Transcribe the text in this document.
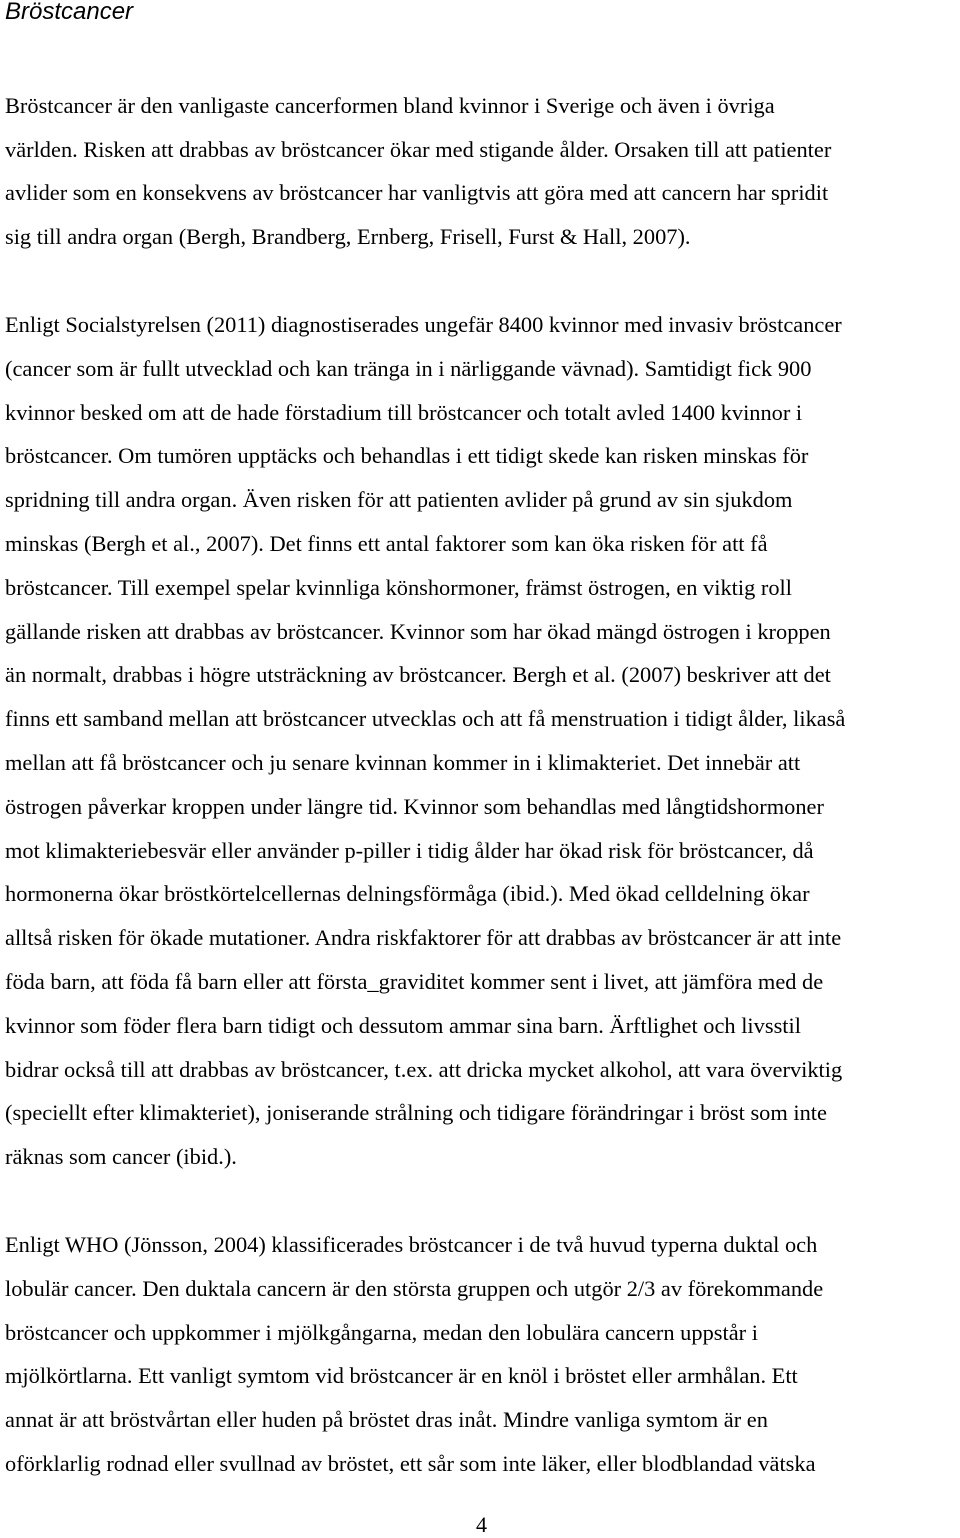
Bröstcancer
Bröstcancer är den vanligaste cancerformen bland kvinnor i Sverige och även i övriga
världen. Risken att drabbas av bröstcancer ökar med stigande ålder. Orsaken till att patienter
avlider som en konsekvens av bröstcancer har vanligtvis att göra med att cancern har spridit
sig till andra organ (Bergh, Brandberg, Ernberg, Frisell, Furst & Hall, 2007).
Enligt Socialstyrelsen (2011) diagnostiserades ungefär 8400 kvinnor med invasiv bröstcancer
(cancer som är fullt utvecklad och kan tränga in i närliggande vävnad). Samtidigt fick 900
kvinnor besked om att de hade förstadium till bröstcancer och totalt avled 1400 kvinnor i
bröstcancer. Om tumören upptäcks och behandlas i ett tidigt skede kan risken minskas för
spridning till andra organ. Även risken för att patienten avlider på grund av sin sjukdom
minskas (Bergh et al., 2007). Det finns ett antal faktorer som kan öka risken för att få
bröstcancer. Till exempel spelar kvinnliga könshormoner, främst östrogen, en viktig roll
gällande risken att drabbas av bröstcancer. Kvinnor som har ökad mängd östrogen i kroppen
än normalt, drabbas i högre utsträckning av bröstcancer. Bergh et al. (2007) beskriver att det
finns ett samband mellan att bröstcancer utvecklas och att få menstruation i tidigt ålder, likaså
mellan att få bröstcancer och ju senare kvinnan kommer in i klimakteriet. Det innebär att
östrogen påverkar kroppen under längre tid. Kvinnor som behandlas med långtidshormoner
mot klimakteriebesvär eller använder p-piller i tidig ålder har ökad risk för bröstcancer, då
hormonerna ökar bröstkörtelcellernas delningsförmåga (ibid.). Med ökad celldelning ökar
alltså risken för ökade mutationer. Andra riskfaktorer för att drabbas av bröstcancer är att inte
föda barn, att föda få barn eller att första_graviditet kommer sent i livet, att jämföra med de
kvinnor som föder flera barn tidigt och dessutom ammar sina barn. Ärftlighet och livsstil
bidrar också till att drabbas av bröstcancer, t.ex. att dricka mycket alkohol, att vara överviktig
(speciellt efter klimakteriet), joniserande strålning och tidigare förändringar i bröst som inte
räknas som cancer (ibid.).
Enligt WHO (Jönsson, 2004) klassificerades bröstcancer i de två huvud typerna duktal och
lobulär cancer. Den duktala cancern är den största gruppen och utgör 2/3 av förekommande
bröstcancer och uppkommer i mjölkgångarna, medan den lobulära cancern uppstår i
mjölkörtlarna. Ett vanligt symtom vid bröstcancer är en knöl i bröstet eller armhålan. Ett
annat är att bröstvårtan eller huden på bröstet dras inåt. Mindre vanliga symtom är en
oförklarlig rodnad eller svullnad av bröstet, ett sår som inte läker, eller blodblandad vätska
4
